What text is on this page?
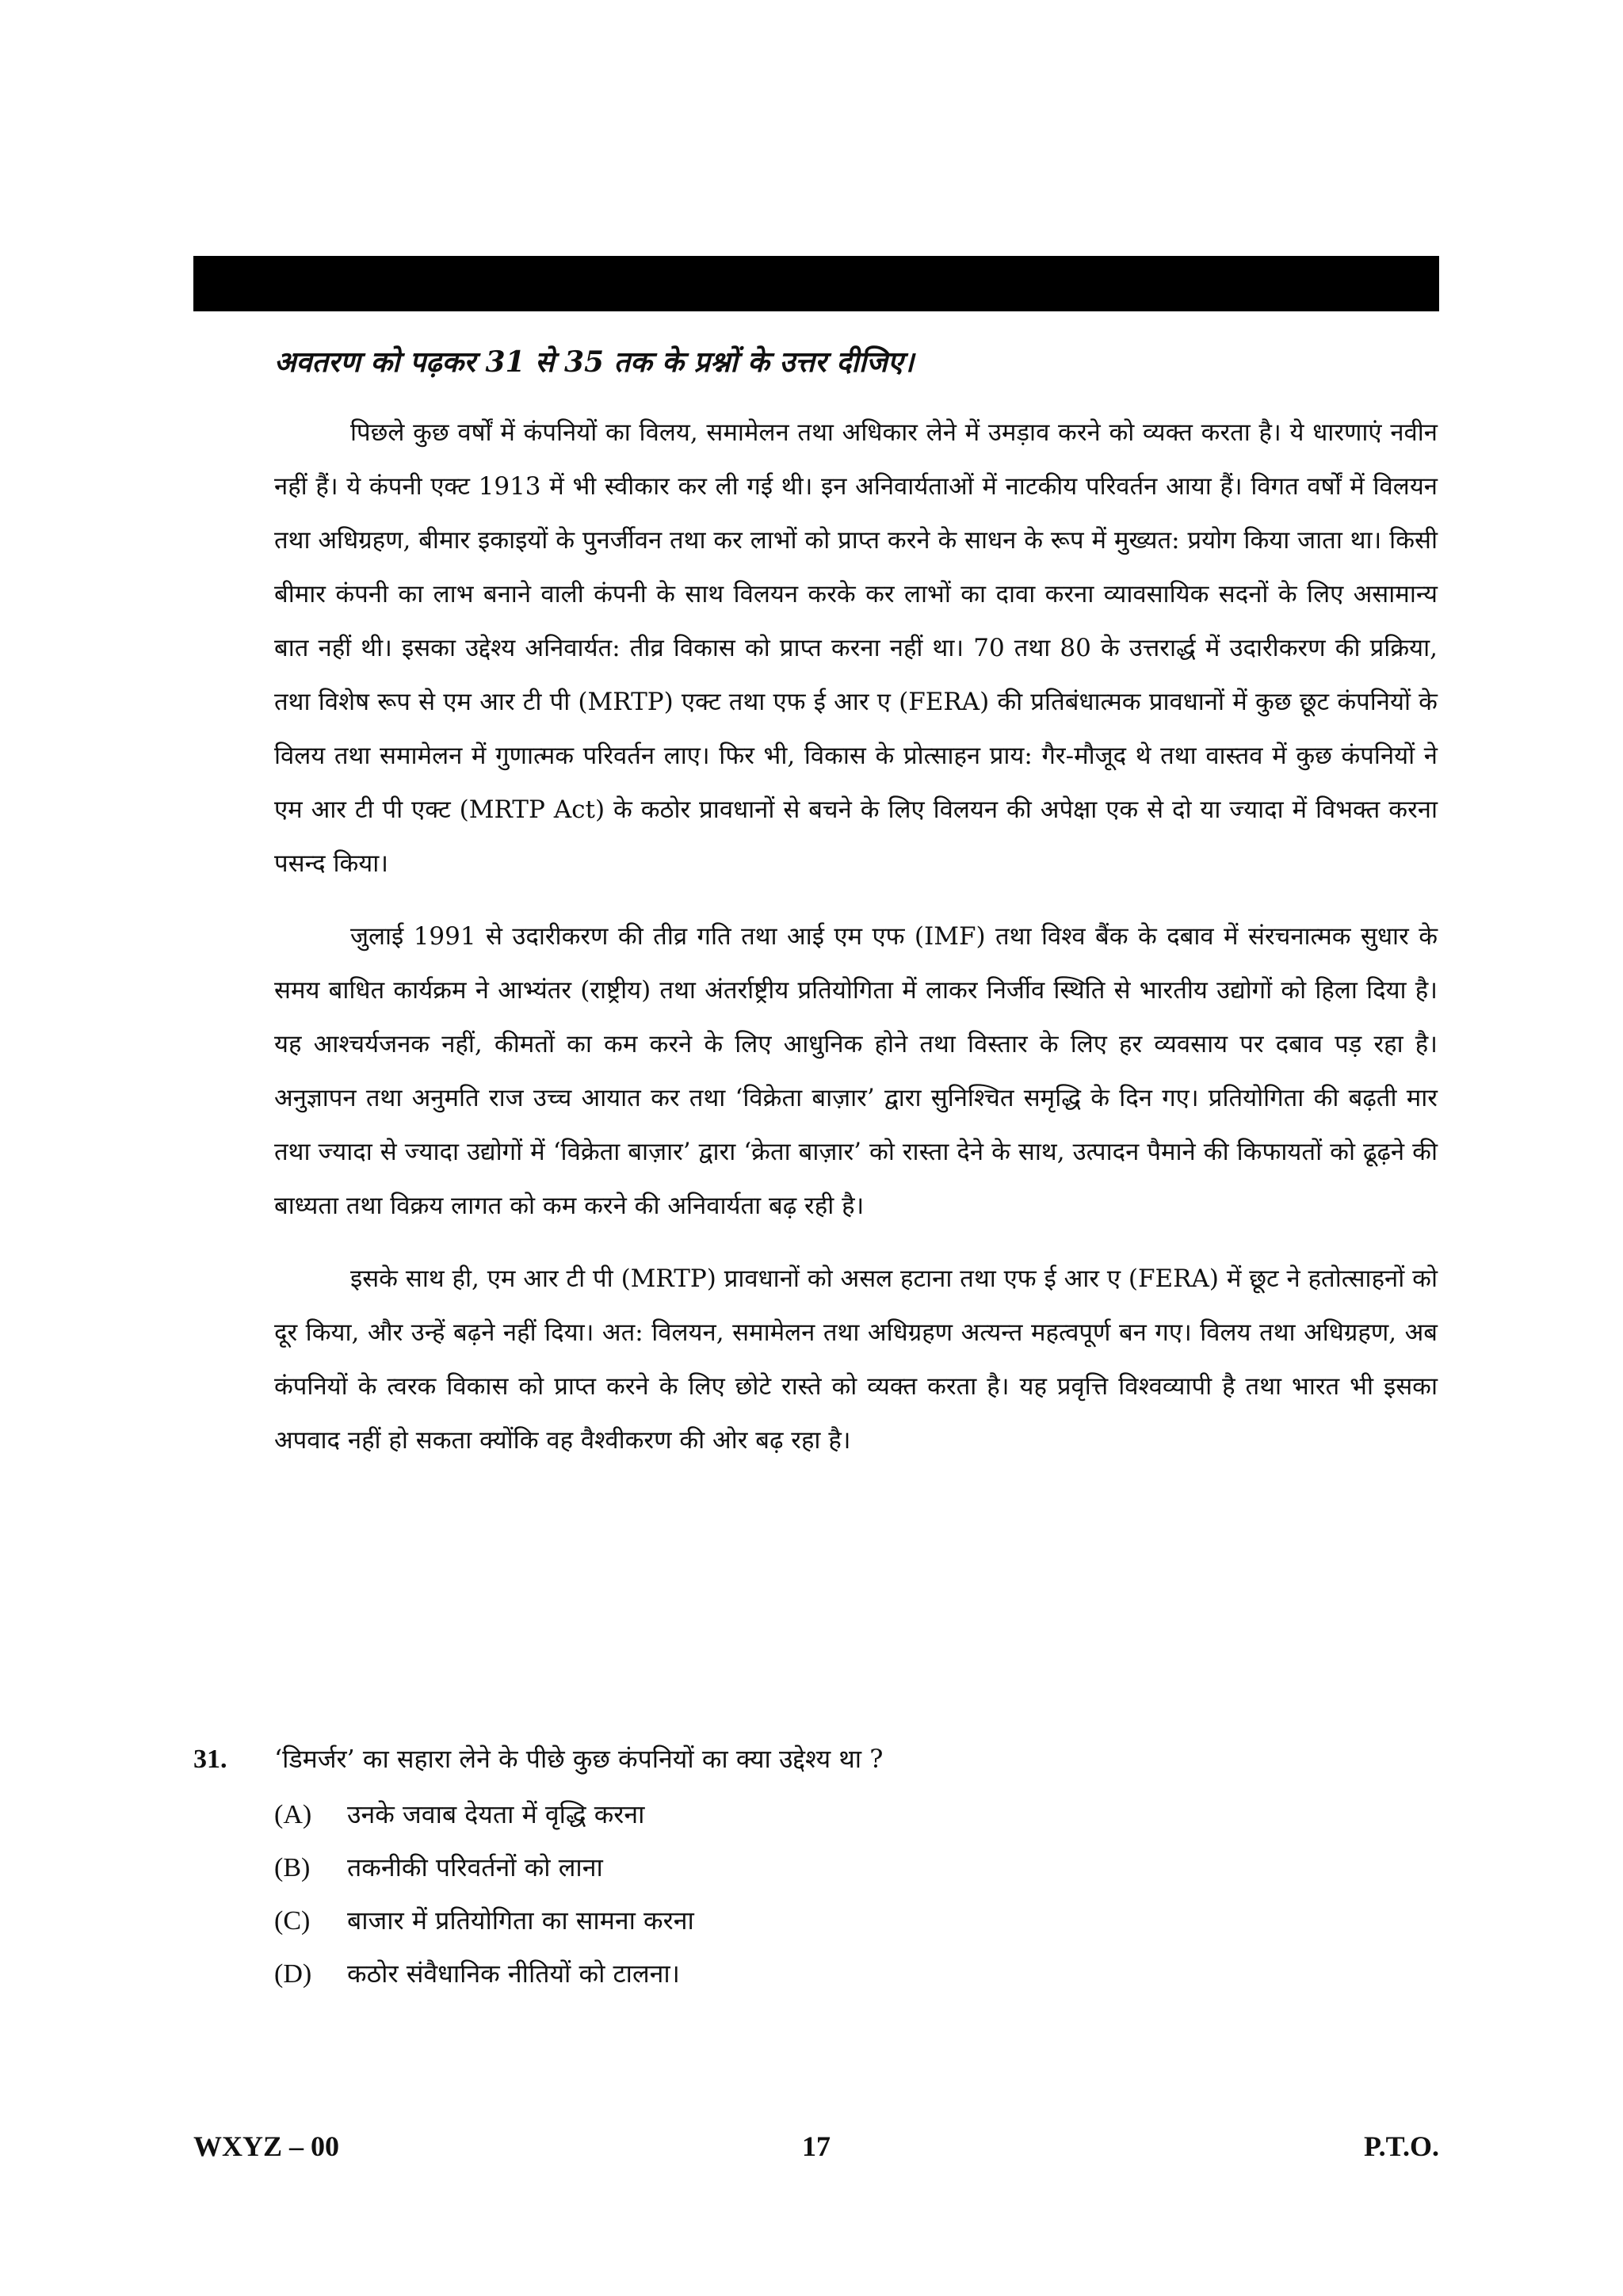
अवतरण को पढ़कर 31 से 35 तक के प्रश्नों के उत्तर दीजिए।

पिछले कुछ वर्षों में कंपनियों का विलय, समामेलन तथा अधिकार लेने में उमड़ाव करने को व्यक्त करता है। ये धारणाएं नवीन नहीं हैं। ये कंपनी एक्ट 1913 में भी स्वीकार कर ली गई थी। इन अनिवार्यताओं में नाटकीय परिवर्तन आया हैं। विगत वर्षों में विलयन तथा अधिग्रहण, बीमार इकाइयों के पुनर्जीवन तथा कर लाभों को प्राप्त करने के साधन के रूप में मुख्यत: प्रयोग किया जाता था। किसी बीमार कंपनी का लाभ बनाने वाली कंपनी के साथ विलयन करके कर लाभों का दावा करना व्यावसायिक सदनों के लिए असामान्य बात नहीं थी। इसका उद्देश्य अनिवार्यत: तीव्र विकास को प्राप्त करना नहीं था। 70 तथा 80 के उत्तरार्द्ध में उदारीकरण की प्रक्रिया, तथा विशेष रूप से एम आर टी पी (MRTP) एक्ट तथा एफ ई आर ए (FERA) की प्रतिबंधात्मक प्रावधानों में कुछ छूट कंपनियों के विलय तथा समामेलन में गुणात्मक परिवर्तन लाए। फिर भी, विकास के प्रोत्साहन प्राय: गैर-मौजूद थे तथा वास्तव में कुछ कंपनियों ने एम आर टी पी एक्ट (MRTP Act) के कठोर प्रावधानों से बचने के लिए विलयन की अपेक्षा एक से दो या ज्यादा में विभक्त करना पसन्द किया।

जुलाई 1991 से उदारीकरण की तीव्र गति तथा आई एम एफ (IMF) तथा विश्व बैंक के दबाव में संरचनात्मक सुधार के समय बाधित कार्यक्रम ने आभ्यंतर (राष्ट्रीय) तथा अंतर्राष्ट्रीय प्रतियोगिता में लाकर निर्जीव स्थिति से भारतीय उद्योगों को हिला दिया है। यह आश्चर्यजनक नहीं, कीमतों का कम करने के लिए आधुनिक होने तथा विस्तार के लिए हर व्यवसाय पर दबाव पड़ रहा है। अनुज्ञापन तथा अनुमति राज उच्च आयात कर तथा ‘विक्रेता बाज़ार’ द्वारा सुनिश्चित समृद्धि के दिन गए। प्रतियोगिता की बढ़ती मार तथा ज्यादा से ज्यादा उद्योगों में ‘विक्रेता बाज़ार’ द्वारा ‘क्रेता बाज़ार’ को रास्ता देने के साथ, उत्पादन पैमाने की किफायतों को ढूढ़ने की बाध्यता तथा विक्रय लागत को कम करने की अनिवार्यता बढ़ रही है।

इसके साथ ही, एम आर टी पी (MRTP) प्रावधानों को असल हटाना तथा एफ ई आर ए (FERA) में छूट ने हतोत्साहनों को दूर किया, और उन्हें बढ़ने नहीं दिया। अत: विलयन, समामेलन तथा अधिग्रहण अत्यन्त महत्वपूर्ण बन गए। विलय तथा अधिग्रहण, अब कंपनियों के त्वरक विकास को प्राप्त करने के लिए छोटे रास्ते को व्यक्त करता है। यह प्रवृत्ति विश्वव्यापी है तथा भारत भी इसका अपवाद नहीं हो सकता क्योंकि वह वैश्वीकरण की ओर बढ़ रहा है।

31.	‘डिमर्जर’ का सहारा लेने के पीछे कुछ कंपनियों का क्या उद्देश्य था ?
(A)	उनके जवाब देयता में वृद्धि करना
(B)	तकनीकी परिवर्तनों को लाना
(C)	बाजार में प्रतियोगिता का सामना करना
(D)	कठोर संवैधानिक नीतियों को टालना।
WXYZ – 00	17	P.T.O.
